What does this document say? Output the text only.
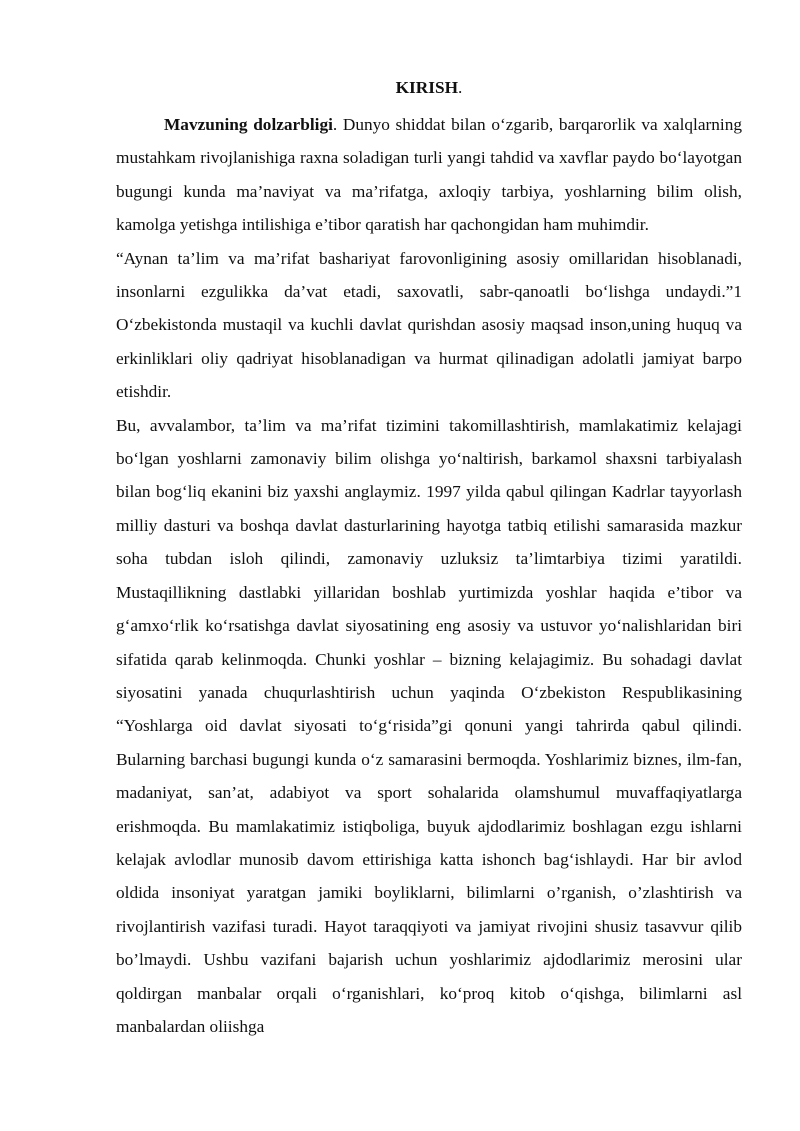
KIRISH.

Mavzuning dolzarbligi. Dunyo shiddat bilan o‘zgarib, barqarorlik va xalqlarning mustahkam rivojlanishiga raxna soladigan turli yangi tahdid va xavflar paydo bo‘layotgan bugungi kunda ma’naviyat va ma’rifatga, axloqiy tarbiya, yoshlarning bilim olish, kamolga yetishga intilishiga e’tibor qaratish har qachongidan ham muhimdir.

“Aynan ta’lim va ma’rifat bashariyat farovonligining asosiy omillaridan hisoblanadi, insonlarni ezgulikka da’vat etadi, saxovatli, sabr-qanoatli bo‘lishga undaydi.”1 O‘zbekistonda mustaqil va kuchli davlat qurishdan asosiy maqsad inson,uning huquq va erkinliklari oliy qadriyat hisoblanadigan va hurmat qilinadigan adolatli jamiyat barpo etishdir.

Bu, avvalambor, ta’lim va ma’rifat tizimini takomillashtirish, mamlakatimiz kelajagi bo‘lgan yoshlarni zamonaviy bilim olishga yo‘naltirish, barkamol shaxsni tarbiyalash bilan bog‘liq ekanini biz yaxshi anglaymiz. 1997 yilda qabul qilingan Kadrlar tayyorlash milliy dasturi va boshqa davlat dasturlarining hayotga tatbiq etilishi samarasida mazkur soha tubdan isloh qilindi, zamonaviy uzluksiz ta’limtarbiya tizimi yaratildi. Mustaqillikning dastlabki yillaridan boshlab yurtimizda yoshlar haqida e’tibor va g‘amxo‘rlik ko‘rsatishga davlat siyosatining eng asosiy va ustuvor yo‘nalishlaridan biri sifatida qarab kelinmoqda. Chunki yoshlar – bizning kelajagimiz. Bu sohadagi davlat siyosatini yanada chuqurlashtirish uchun yaqinda O‘zbekiston Respublikasining “Yoshlarga oid davlat siyosati to‘g‘risida”gi qonuni yangi tahrirda qabul qilindi. Bularning barchasi bugungi kunda o‘z samarasini bermoqda. Yoshlarimiz biznes, ilm-fan, madaniyat, san’at, adabiyot va sport sohalarida olamshumul muvaffaqiyatlarga erishmoqda. Bu mamlakatimiz istiqboliga, buyuk ajdodlarimiz boshlagan ezgu ishlarni kelajak avlodlar munosib davom ettirishiga katta ishonch bag‘ishlaydi. Har bir avlod oldida insoniyat yaratgan jamiki boyliklarni, bilimlarni o’rganish, o’zlashtirish va rivojlantirish vazifasi turadi. Hayot taraqqiyoti va jamiyat rivojini shusiz tasavvur qilib bo’lmaydi. Ushbu vazifani bajarish uchun yoshlarimiz ajdodlarimiz merosini ular qoldirgan manbalar orqali o‘rganishlari, ko‘proq kitob o‘qishga, bilimlarni asl manbalardan oliishga
